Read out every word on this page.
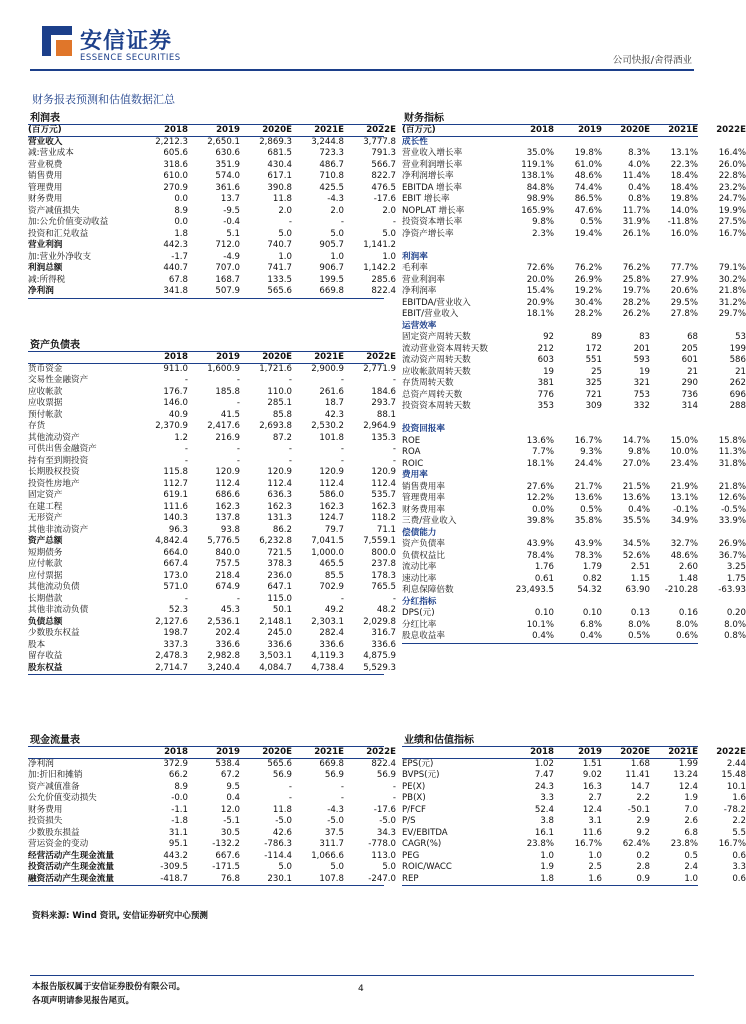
安信证券
ESSENCE SECURITIES	公司快报/舍得酒业
财务报表预测和估值数据汇总
利润表
(百万元)	2018	2019	2020E	2021E	2022E
营业收入	2,212.3	2,650.1	2,869.3	3,244.8	3,777.8
减:营业成本	605.6	630.6	681.5	723.3	791.3
营业税费	318.6	351.9	430.4	486.7	566.7
销售费用	610.0	574.0	617.1	710.8	822.7
管理费用	270.9	361.6	390.8	425.5	476.5
财务费用	0.0	13.7	11.8	-4.3	-17.6
资产减值损失	8.9	-9.5	2.0	2.0	2.0
加:公允价值变动收益	0.0	-0.4	-	-	-
投资和汇兑收益	1.8	5.1	5.0	5.0	5.0
营业利润	442.3	712.0	740.7	905.7	1,141.2
加:营业外净收支	-1.7	-4.9	1.0	1.0	1.0
利润总额	440.7	707.0	741.7	906.7	1,142.2
减:所得税	67.8	168.7	133.5	199.5	285.6
净利润	341.8	507.9	565.6	669.8	822.4
资产负债表
2018	2019	2020E	2021E	2022E
货币资金	911.0	1,600.9	1,721.6	2,900.9	2,771.9
交易性金融资产	-	-	-	-	-
应收帐款	176.7	185.8	110.0	261.6	184.6
应收票据	146.0	-	285.1	18.7	293.7
预付帐款	40.9	41.5	85.8	42.3	88.1
存货	2,370.9	2,417.6	2,693.8	2,530.2	2,964.9
其他流动资产	1.2	216.9	87.2	101.8	135.3
可供出售金融资产	-	-	-	-	-
持有至到期投资	-	-	-	-	-
长期股权投资	115.8	120.9	120.9	120.9	120.9
投资性房地产	112.7	112.4	112.4	112.4	112.4
固定资产	619.1	686.6	636.3	586.0	535.7
在建工程	111.6	162.3	162.3	162.3	162.3
无形资产	140.3	137.8	131.3	124.7	118.2
其他非流动资产	96.3	93.8	86.2	79.7	71.1
资产总额	4,842.4	5,776.5	6,232.8	7,041.5	7,559.1
短期债务	664.0	840.0	721.5	1,000.0	800.0
应付帐款	667.4	757.5	378.3	465.5	237.8
应付票据	173.0	218.4	236.0	85.5	178.3
其他流动负债	571.0	674.9	647.1	702.9	765.5
长期借款	-	-	115.0	-	-
其他非流动负债	52.3	45.3	50.1	49.2	48.2
负债总额	2,127.6	2,536.1	2,148.1	2,303.1	2,029.8
少数股东权益	198.7	202.4	245.0	282.4	316.7
股本	337.3	336.6	336.6	336.6	336.6
留存收益	2,478.3	2,982.8	3,503.1	4,119.3	4,875.9
股东权益	2,714.7	3,240.4	4,084.7	4,738.4	5,529.3
财务指标
(百万元)	2018	2019	2020E	2021E	2022E
成长性
营业收入增长率	35.0%	19.8%	8.3%	13.1%	16.4%
营业利润增长率	119.1%	61.0%	4.0%	22.3%	26.0%
净利润增长率	138.1%	48.6%	11.4%	18.4%	22.8%
EBITDA 增长率	84.8%	74.4%	0.4%	18.4%	23.2%
EBIT 增长率	98.9%	86.5%	0.8%	19.8%	24.7%
NOPLAT 增长率	165.9%	47.6%	11.7%	14.0%	19.9%
投资资本增长率	9.8%	0.5%	31.9%	-11.8%	27.5%
净资产增长率	2.3%	19.4%	26.1%	16.0%	16.7%
利润率
毛利率	72.6%	76.2%	76.2%	77.7%	79.1%
营业利润率	20.0%	26.9%	25.8%	27.9%	30.2%
净利润率	15.4%	19.2%	19.7%	20.6%	21.8%
EBITDA/营业收入	20.9%	30.4%	28.2%	29.5%	31.2%
EBIT/营业收入	18.1%	28.2%	26.2%	27.8%	29.7%
运营效率
固定资产周转天数	92	89	83	68	53
流动营业资本周转天数	212	172	201	205	199
流动资产周转天数	603	551	593	601	586
应收帐款周转天数	19	25	19	21	21
存货周转天数	381	325	321	290	262
总资产周转天数	776	721	753	736	696
投资资本周转天数	353	309	332	314	288
投资回报率
ROE	13.6%	16.7%	14.7%	15.0%	15.8%
ROA	7.7%	9.3%	9.8%	10.0%	11.3%
ROIC	18.1%	24.4%	27.0%	23.4%	31.8%
费用率
销售费用率	27.6%	21.7%	21.5%	21.9%	21.8%
管理费用率	12.2%	13.6%	13.6%	13.1%	12.6%
财务费用率	0.0%	0.5%	0.4%	-0.1%	-0.5%
三费/营业收入	39.8%	35.8%	35.5%	34.9%	33.9%
偿债能力
资产负债率	43.9%	43.9%	34.5%	32.7%	26.9%
负债权益比	78.4%	78.3%	52.6%	48.6%	36.7%
流动比率	1.76	1.79	2.51	2.60	3.25
速动比率	0.61	0.82	1.15	1.48	1.75
利息保障倍数	23,493.5	54.32	63.90	-210.28	-63.93
分红指标
DPS(元)	0.10	0.10	0.13	0.16	0.20
分红比率	10.1%	6.8%	8.0%	8.0%	8.0%
股息收益率	0.4%	0.4%	0.5%	0.6%	0.8%
现金流量表
2018	2019	2020E	2021E	2022E
净利润	372.9	538.4	565.6	669.8	822.4
加:折旧和摊销	66.2	67.2	56.9	56.9	56.9
资产减值准备	8.9	9.5	-	-	-
公允价值变动损失	-0.0	0.4	-	-	-
财务费用	-1.1	12.0	11.8	-4.3	-17.6
投资损失	-1.8	-5.1	-5.0	-5.0	-5.0
少数股东损益	31.1	30.5	42.6	37.5	34.3
营运资金的变动	95.1	-132.2	-786.3	311.7	-778.0
经营活动产生现金流量	443.2	667.6	-114.4	1,066.6	113.0
投资活动产生现金流量	-309.5	-171.5	5.0	5.0	5.0
融资活动产生现金流量	-418.7	76.8	230.1	107.8	-247.0
业绩和估值指标
2018	2019	2020E	2021E	2022E
EPS(元)	1.02	1.51	1.68	1.99	2.44
BVPS(元)	7.47	9.02	11.41	13.24	15.48
PE(X)	24.3	16.3	14.7	12.4	10.1
PB(X)	3.3	2.7	2.2	1.9	1.6
P/FCF	52.4	12.4	-50.1	7.0	-78.2
P/S	3.8	3.1	2.9	2.6	2.2
EV/EBITDA	16.1	11.6	9.2	6.8	5.5
CAGR(%)	23.8%	16.7%	62.4%	23.8%	16.7%
PEG	1.0	1.0	0.2	0.5	0.6
ROIC/WACC	1.9	2.5	2.8	2.4	3.3
REP	1.8	1.6	0.9	1.0	0.6
资料来源: Wind 资讯, 安信证券研究中心预测
本报告版权属于安信证券股份有限公司。
各项声明请参见报告尾页。
4
